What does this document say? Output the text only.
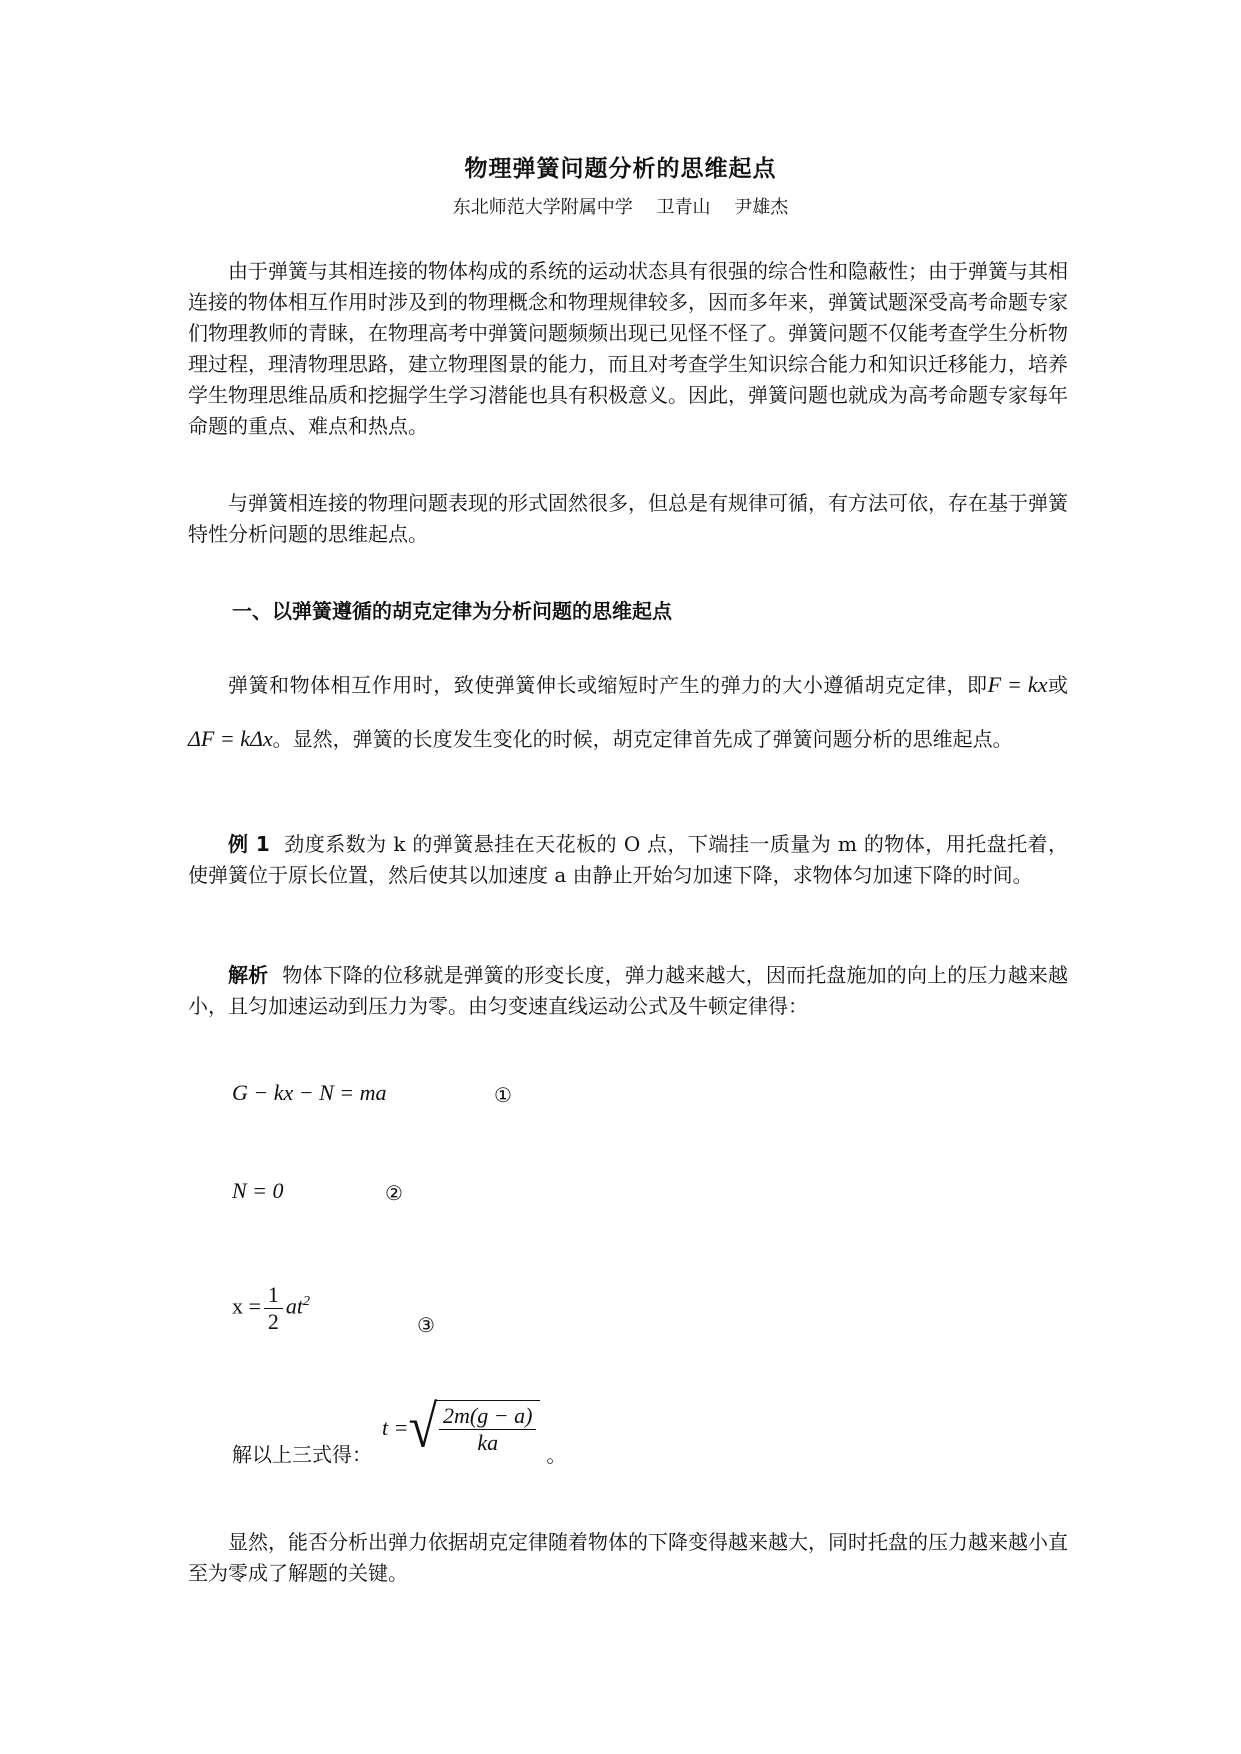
物理弹簧问题分析的思维起点
东北师范大学附属中学 卫青山 尹雄杰

由于弹簧与其相连接的物体构成的系统的运动状态具有很强的综合性和隐蔽性；由于弹簧与其相连接的物体相互作用时涉及到的物理概念和物理规律较多，因而多年来，弹簧试题深受高考命题专家们物理教师的青睐，在物理高考中弹簧问题频频出现已见怪不怪了。弹簧问题不仅能考查学生分析物理过程，理清物理思路，建立物理图景的能力，而且对考查学生知识综合能力和知识迁移能力，培养学生物理思维品质和挖掘学生学习潜能也具有积极意义。因此，弹簧问题也就成为高考命题专家每年命题的重点、难点和热点。

与弹簧相连接的物理问题表现的形式固然很多，但总是有规律可循，有方法可依，存在基于弹簧特性分析问题的思维起点。

一、以弹簧遵循的胡克定律为分析问题的思维起点

弹簧和物体相互作用时，致使弹簧伸长或缩短时产生的弹力的大小遵循胡克定律，即F = kx或ΔF = kΔx。显然，弹簧的长度发生变化的时候，胡克定律首先成了弹簧问题分析的思维起点。

例 1 劲度系数为 k 的弹簧悬挂在天花板的 O 点，下端挂一质量为 m 的物体，用托盘托着，使弹簧位于原长位置，然后使其以加速度 a 由静止开始匀加速下降，求物体匀加速下降的时间。

解析 物体下降的位移就是弹簧的形变长度，弹力越来越大，因而托盘施加的向上的压力越来越小，且匀加速运动到压力为零。由匀变速直线运动公式及牛顿定律得：

G − kx − N = ma	①
N = 0	②
$x = \frac{1}{2} at^2$
③
解以上三式得：t =√ $\frac{2m(g - a)}{ka}$ 。

显然，能否分析出弹力依据胡克定律随着物体的下降变得越来越大，同时托盘的压力越来越小直至为零成了解题的关键。
